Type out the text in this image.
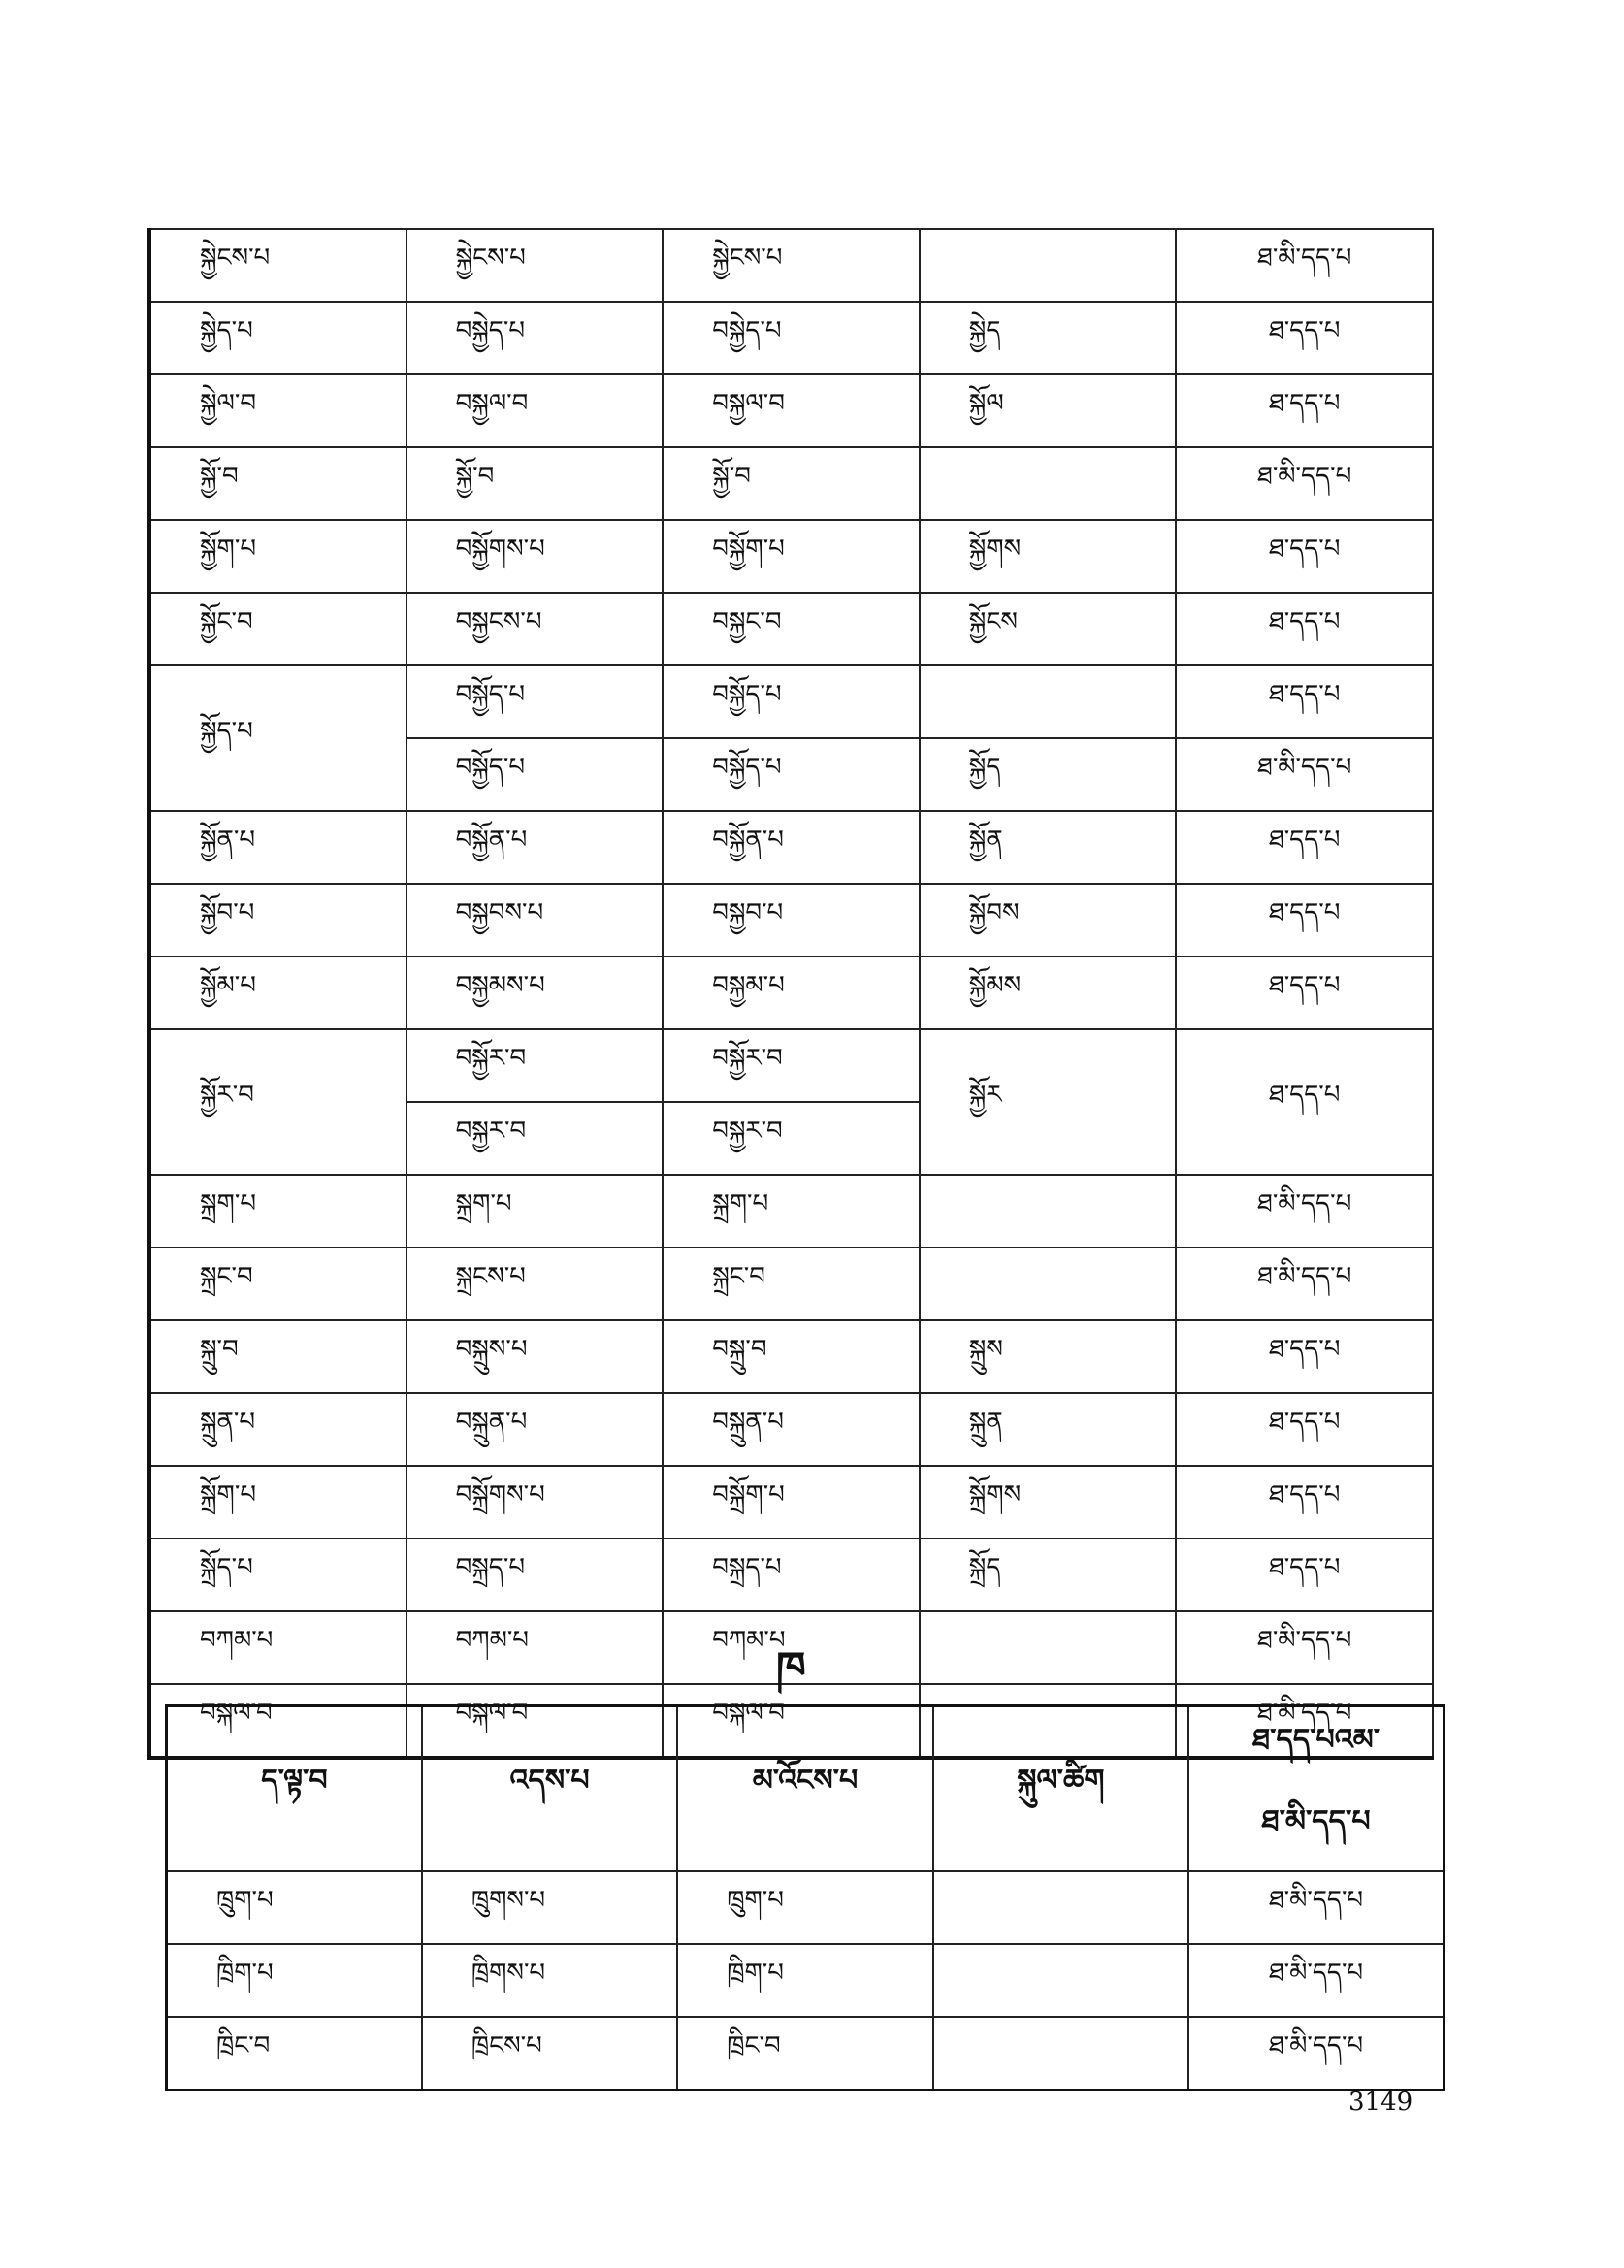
སྐྱེངས་པ	སྐྱེངས་པ	སྐྱེངས་པ		ཐ་མི་དད་པ
སྐྱེད་པ	བསྐྱེད་པ	བསྐྱེད་པ	སྐྱེད	ཐ་དད་པ
སྐྱེལ་བ	བསྐྱལ་བ	བསྐྱལ་བ	སྐྱོལ	ཐ་དད་པ
སྐྱོ་བ	སྐྱོ་བ	སྐྱོ་བ		ཐ་མི་དད་པ
སྐྱོག་པ	བསྐྱོགས་པ	བསྐྱོག་པ	སྐྱོགས	ཐ་དད་པ
སྐྱོང་བ	བསྐྱངས་པ	བསྐྱང་བ	སྐྱོངས	ཐ་དད་པ
སྐྱོད་པ	བསྐྱོད་པ	བསྐྱོད་པ		ཐ་དད་པ
	བསྐྱོད་པ	བསྐྱོད་པ	སྐྱོད	ཐ་མི་དད་པ
སྐྱོན་པ	བསྐྱོན་པ	བསྐྱོན་པ	སྐྱོན	ཐ་དད་པ
སྐྱོབ་པ	བསྐྱབས་པ	བསྐྱབ་པ	སྐྱོབས	ཐ་དད་པ
སྐྱོམ་པ	བསྐྱམས་པ	བསྐྱམ་པ	སྐྱོམས	ཐ་དད་པ
སྐྱོར་བ	བསྐྱོར་བ	བསྐྱོར་བ	སྐྱོར	ཐ་དད་པ
	བསྐྱར་བ	བསྐྱར་བ		
སྐྲག་པ	སྐྲག་པ	སྐྲག་པ		ཐ་མི་དད་པ
སྐྲང་བ	སྐྲངས་པ	སྐྲང་བ		ཐ་མི་དད་པ
སྐྲུ་བ	བསྐྲུས་པ	བསྐྲུ་བ	སྐྲུས	ཐ་དད་པ
སྐྲུན་པ	བསྐྲུན་པ	བསྐྲུན་པ	སྐྲུན	ཐ་དད་པ
སྐྲོག་པ	བསྐྲོགས་པ	བསྐྲོག་པ	སྐྲོགས	ཐ་དད་པ
སྐྲོད་པ	བསྐྲད་པ	བསྐྲད་པ	སྐྲོད	ཐ་དད་པ
བཀམ་པ	བཀམ་པ	བཀམ་པ		ཐ་མི་དད་པ
བསྐལ་བ	བསྐལ་བ	བསྐལ་བ		ཐ་མི་དད་པ
ཁ
ད་ལྟ་བ	འདས་པ	མ་འོངས་པ	སྐུལ་ཚིག	ཐ་དད་པའམ་
ཐ་མི་དད་པ
ཁྲུག་པ	ཁྲུགས་པ	ཁྲུག་པ		ཐ་མི་དད་པ
ཁྲིག་པ	ཁྲིགས་པ	ཁྲིག་པ		ཐ་མི་དད་པ
ཁྲིང་བ	ཁྲིངས་པ	ཁྲིང་བ		ཐ་མི་དད་པ
3149
